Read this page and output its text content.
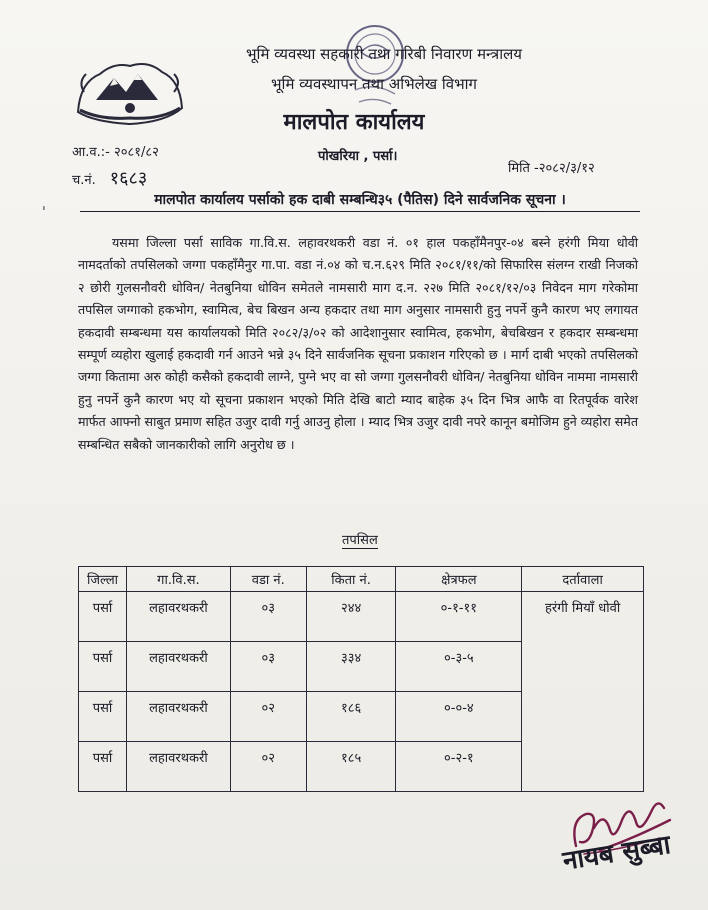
भूमि व्यवस्था सहकारी तथा गरिबी निवारण मन्त्रालय
भूमि व्यवस्थापन तथा अभिलेख विभाग
मालपोत कार्यालय
आ.व.:- २०८१/८२	पोखरिया , पर्सा।
च.नं. १६८३	मिति -२०८२/३/१२
ˌ	मालपोत कार्यालय पर्साको हक दाबी सम्बन्धि३५ (पैतिस) दिने सार्वजनिक सूचना ।
यसमा जिल्ला पर्सा साविक गा.वि.स. लहावरथकरी वडा नं. ०१ हाल पकहाँमैनपुर-०४ बस्ने हरंगी मिया धोवी नामदर्ताको तपसिलको जग्गा पकहाँमैनुर गा.पा. वडा नं.०४ को च.न.६२९ मिति २०८१/११/को सिफारिस संलग्न राखी निजको २ छोरी गुलसनौवरी धोविन/ नेतबुनिया धोविन समेतले नामसारी माग द.न. २२७ मिति २०८१/१२/०३ निवेदन माग गरेकोमा तपसिल जग्गाको हकभोग, स्वामित्व, बेच बिखन अन्य हकदार तथा माग अनुसार नामसारी हुनु नपर्ने कुनै कारण भए लगायत हकदावी सम्बन्धमा यस कार्यालयको मिति २०८२/३/०२ को आदेशानुसार स्वामित्व, हकभोग, बेचबिखन र हकदार सम्बन्धमा सम्पूर्ण व्यहोरा खुलाई हकदावी गर्न आउने भन्ने ३५ दिने सार्वजनिक सूचना प्रकाशन गरिएको छ । मार्ग दाबी भएको तपसिलको जग्गा कितामा अरु कोही कसैको हकदावी लाग्ने, पुग्ने भए वा सो जग्गा गुलसनौवरी धोविन/ नेतबुनिया धोविन नाममा नामसारी हुनु नपर्ने कुनै कारण भए यो सूचना प्रकाशन भएको मिति देखि बाटो म्याद बाहेक ३५ दिन भित्र आफै वा रितपूर्वक वारेश मार्फत आफ्नो साबुत प्रमाण सहित उजुर दावी गर्नु आउनु होला । म्याद भित्र उजुर दावी नपरे कानून बमोजिम हुने व्यहोरा समेत सम्बन्धित सबैको जानकारीको लागि अनुरोध छ ।
तपसिल
जिल्ला	गा.वि.स.	वडा नं.	किता नं.	क्षेत्रफल	दर्तावाला
पर्सा	लहावरथकरी	०३	२४४	०-१-११	हरंगी मियाँ धोवी
पर्सा	लहावरथकरी	०३	३३४	०-३-५	
पर्सा	लहावरथकरी	०२	१८६	०-०-४	
पर्सा	लहावरथकरी	०२	१८५	०-२-१	
नायब सुब्बा
